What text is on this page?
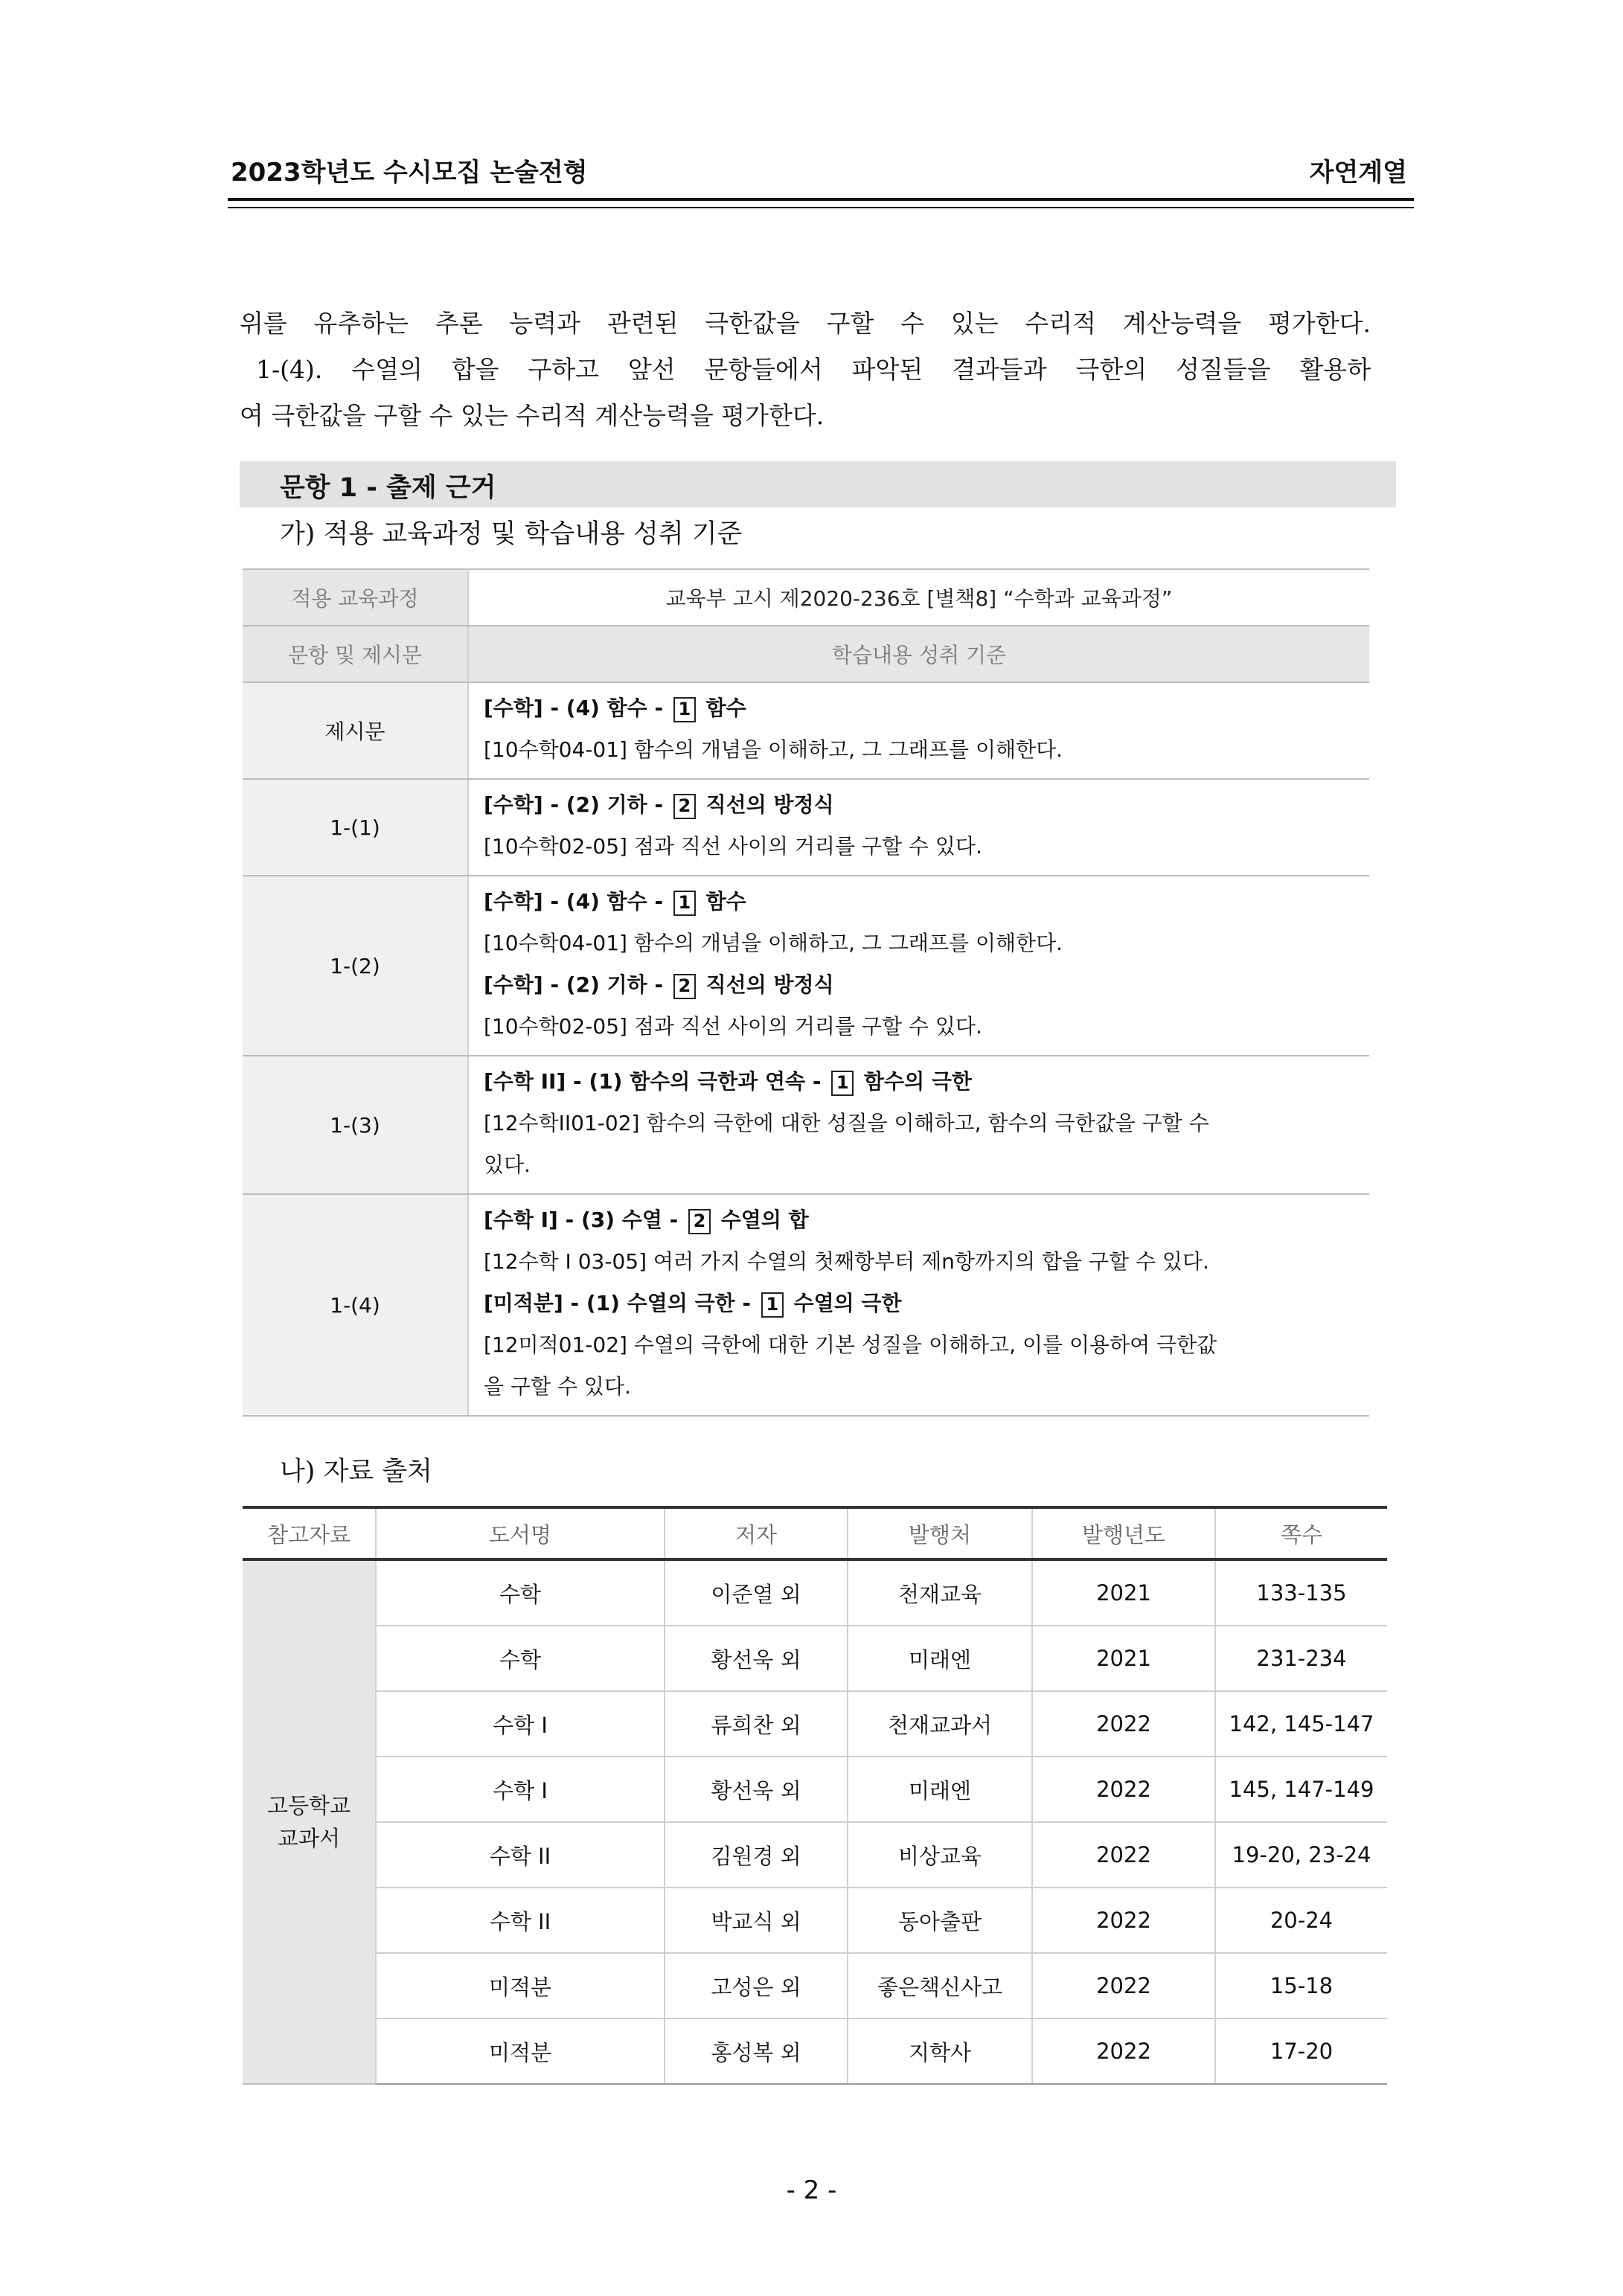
2023학년도 수시모집 논술전형	자연계열

위를 유추하는 추론 능력과 관련된 극한값을 구할 수 있는 수리적 계산능력을 평가한다.

1-(4). 수열의 합을 구하고 앞선 문항들에서 파악된 결과들과 극한의 성질들을 활용하

여 극한값을 구할 수 있는 수리적 계산능력을 평가한다.

문항 1 - 출제 근거
가) 적용 교육과정 및 학습내용 성취 기준
적용 교육과정	교육부 고시 제2020-236호 [별책8] “수학과 교육과정”
문항 및 제시문	학습내용 성취 기준
제시문	[수학] - (4) 함수 - 1 함수
[10수학04-01] 함수의 개념을 이해하고, 그 그래프를 이해한다.

1-(1)	[수학] - (2) 기하 - 2 직선의 방정식
[10수학02-05] 점과 직선 사이의 거리를 구할 수 있다.

1-(2)	[수학] - (4) 함수 - 1 함수
[10수학04-01] 함수의 개념을 이해하고, 그 그래프를 이해한다.
[수학] - (2) 기하 - 2 직선의 방정식
[10수학02-05] 점과 직선 사이의 거리를 구할 수 있다.

1-(3)	[수학 II] - (1) 함수의 극한과 연속 - 1 함수의 극한
[12수학II01-02] 함수의 극한에 대한 성질을 이해하고, 함수의 극한값을 구할 수
있다.

1-(4)	[수학 I] - (3) 수열 - 2 수열의 합
[12수학 I 03-05] 여러 가지 수열의 첫째항부터 제n항까지의 합을 구할 수 있다.
[미적분] - (1) 수열의 극한 - 1 수열의 극한
[12미적01-02] 수열의 극한에 대한 기본 성질을 이해하고, 이를 이용하여 극한값
을 구할 수 있다.
나) 자료 출처
참고자료	도서명	저자	발행처	발행년도	쪽수
고등학교
교과서	수학	이준열 외	천재교육	2021	133-135
	수학	황선욱 외	미래엔	2021	231-234
	수학 I	류희찬 외	천재교과서	2022	142, 145-147
	수학 I	황선욱 외	미래엔	2022	145, 147-149
	수학 II	김원경 외	비상교육	2022	19-20, 23-24
	수학 II	박교식 외	동아출판	2022	20-24
	미적분	고성은 외	좋은책신사고	2022	15-18
	미적분	홍성복 외	지학사	2022	17-20
- 2 -
